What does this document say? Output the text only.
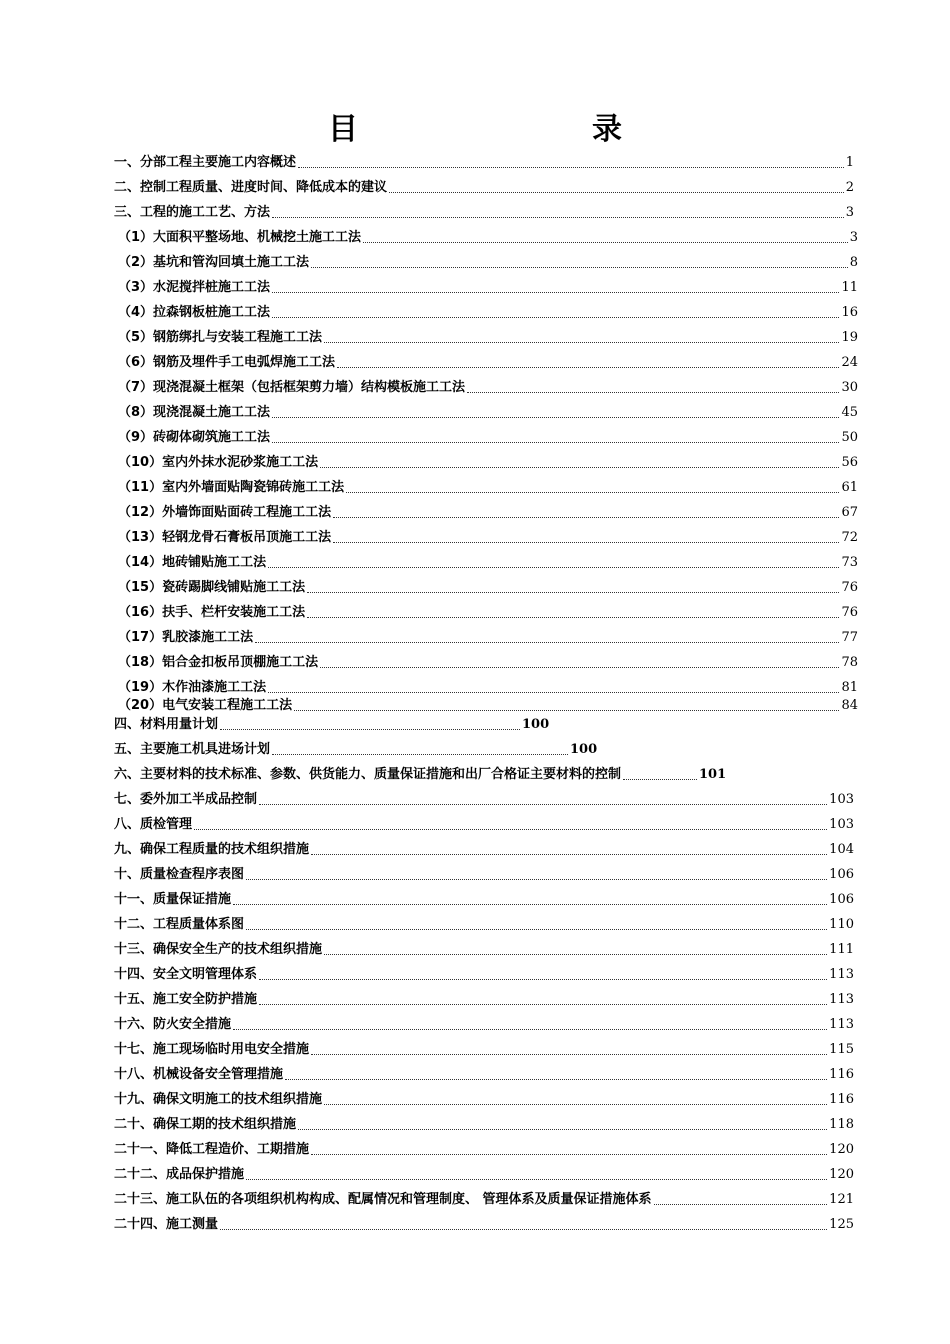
目　　录
一、分部工程主要施工内容概述	1
二、控制工程质量、进度时间、降低成本的建议	2
三、工程的施工工艺、方法	3
（1）大面积平整场地、机械挖土施工工法	3
（2）基坑和管沟回填土施工工法	8
（3）水泥搅拌桩施工工法	11
（4）拉森钢板桩施工工法	16
（5）钢筋绑扎与安装工程施工工法	19
（6）钢筋及埋件手工电弧焊施工工法	24
（7）现浇混凝土框架（包括框架剪力墙）结构模板施工工法	30
（8）现浇混凝土施工工法	45
（9）砖砌体砌筑施工工法	50
（10）室内外抹水泥砂浆施工工法	56
（11）室内外墙面贴陶瓷锦砖施工工法	61
（12）外墙饰面贴面砖工程施工工法	67
（13）轻钢龙骨石膏板吊顶施工工法	72
（14）地砖铺贴施工工法	73
（15）瓷砖踢脚线铺贴施工工法	76
（16）扶手、栏杆安装施工工法	76
（17）乳胶漆施工工法	77
（18）铝合金扣板吊顶棚施工工法	78
（19）木作油漆施工工法	81
（20）电气安装工程施工工法	84
四、材料用量计划	100
五、主要施工机具进场计划	100
六、主要材料的技术标准、参数、供货能力、质量保证措施和出厂合格证主要材料的控制	101
七、委外加工半成品控制	103
八、质检管理	103
九、确保工程质量的技术组织措施	104
十、质量检查程序表图	106
十一、质量保证措施	106
十二、工程质量体系图	110
十三、确保安全生产的技术组织措施	111
十四、安全文明管理体系	113
十五、施工安全防护措施	113
十六、防火安全措施	113
十七、施工现场临时用电安全措施	115
十八、机械设备安全管理措施	116
十九、确保文明施工的技术组织措施	116
二十、确保工期的技术组织措施	118
二十一、降低工程造价、工期措施	120
二十二、成品保护措施	120
二十三、施工队伍的各项组织机构构成、配属情况和管理制度、 管理体系及质量保证措施体系	121
二十四、施工测量	125
